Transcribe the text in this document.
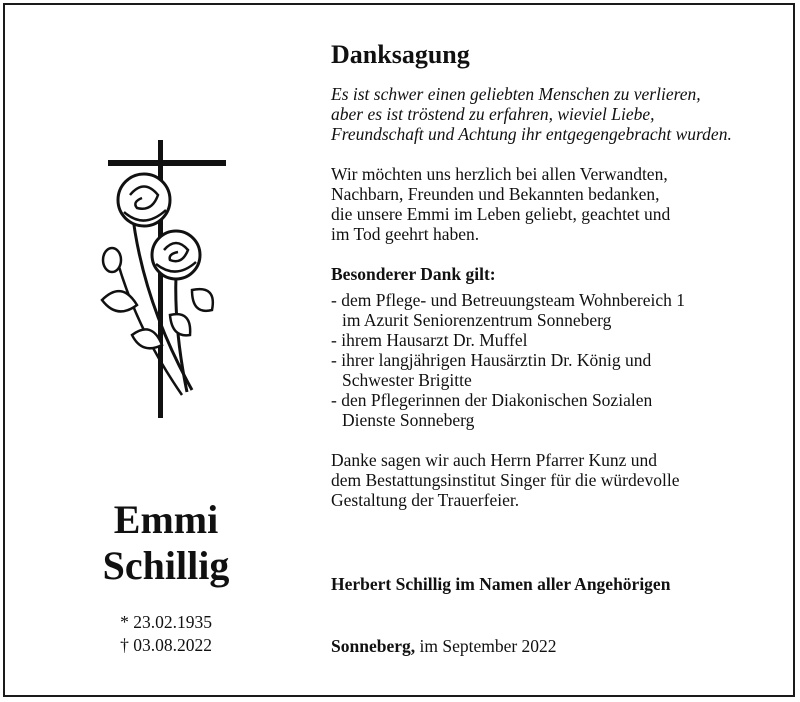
Emmi
Schillig
* 23.02.1935
† 03.08.2022
Danksagung

Es ist schwer einen geliebten Menschen zu verlieren,
aber es ist tröstend zu erfahren, wieviel Liebe,
Freundschaft und Achtung ihr entgegengebracht wurden.

Wir möchten uns herzlich bei allen Verwandten,
Nachbarn, Freunden und Bekannten bedanken,
die unsere Emmi im Leben geliebt, geachtet und
im Tod geehrt haben.

Besonderer Dank gilt:

- dem Pflege- und Betreuungsteam Wohnbereich 1
im Azurit Seniorenzentrum Sonneberg
- ihrem Hausarzt Dr. Muffel
- ihrer langjährigen Hausärztin Dr. König und
Schwester Brigitte
- den Pflegerinnen der Diakonischen Sozialen
Dienste Sonneberg

Danke sagen wir auch Herrn Pfarrer Kunz und
dem Bestattungsinstitut Singer für die würdevolle
Gestaltung der Trauerfeier.

Herbert Schillig im Namen aller Angehörigen
Sonneberg, im September 2022
